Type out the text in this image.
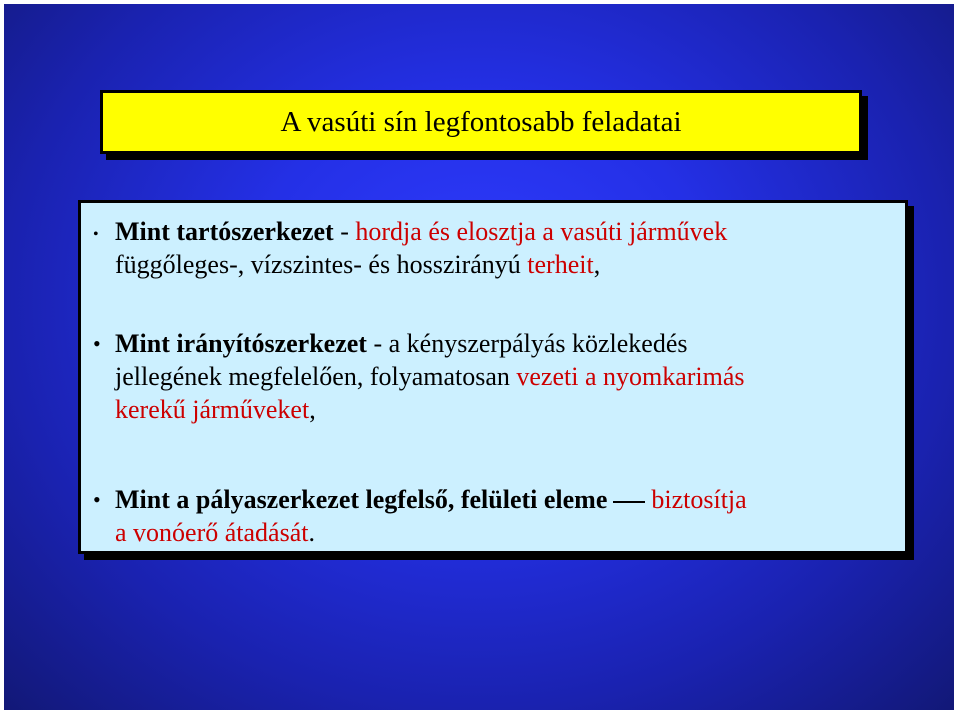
A vasúti sín legfontosabb feladatai
• Mint tartószerkezet - hordja és elosztja a vasúti járművek
függőleges-, vízszintes- és hosszirányú terheit,
• Mint irányítószerkezet - a kényszerpályás közlekedés
jellegének megfelelően, folyamatosan vezeti a nyomkarimás
kerekű járműveket,
• Mint a pályaszerkezet legfelső, felületi eleme biztosítja
a vonóerő átadását.
